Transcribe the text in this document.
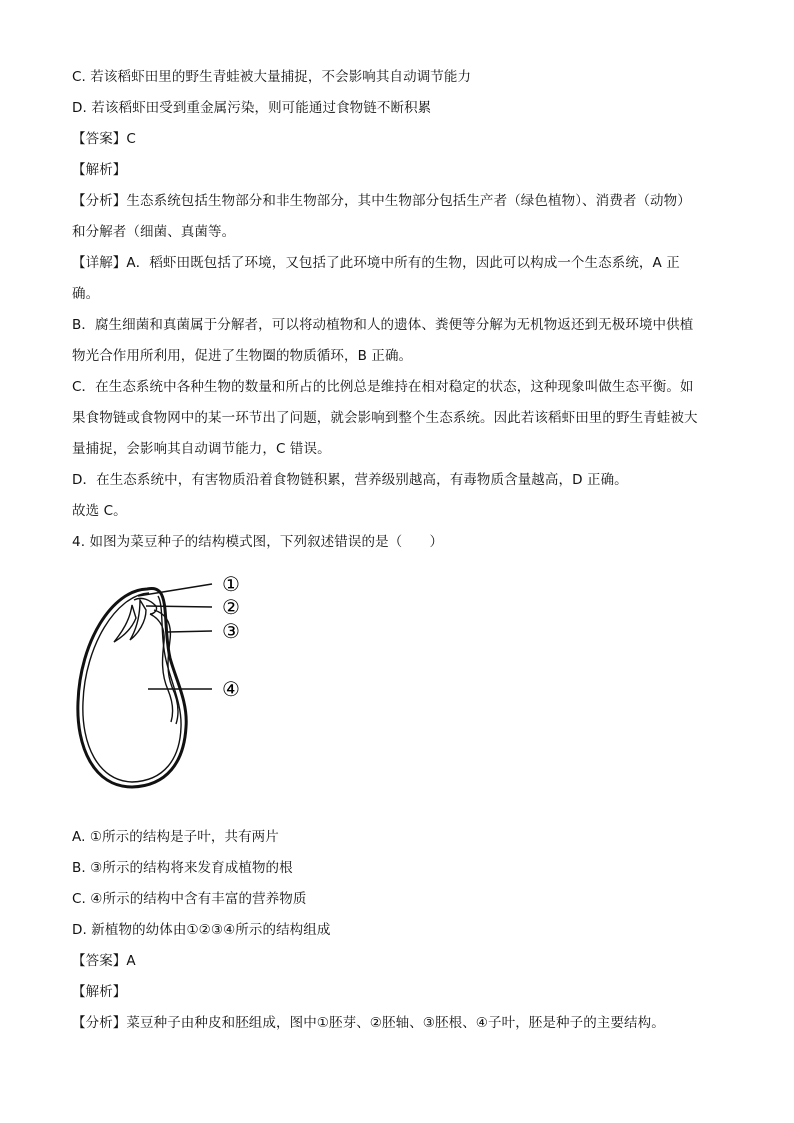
C. 若该稻虾田里的野生青蛙被大量捕捉，不会影响其自动调节能力
D. 若该稻虾田受到重金属污染，则可能通过食物链不断积累
【答案】C
【解析】
【分析】生态系统包括生物部分和非生物部分，其中生物部分包括生产者（绿色植物）、消费者（动物）
和分解者（细菌、真菌等。
【详解】A．稻虾田既包括了环境，又包括了此环境中所有的生物，因此可以构成一个生态系统，A 正
确。
B．腐生细菌和真菌属于分解者，可以将动植物和人的遗体、粪便等分解为无机物返还到无极环境中供植
物光合作用所利用，促进了生物圈的物质循环，B 正确。
C．在生态系统中各种生物的数量和所占的比例总是维持在相对稳定的状态，这种现象叫做生态平衡。如
果食物链或食物网中的某一环节出了问题，就会影响到整个生态系统。因此若该稻虾田里的野生青蛙被大
量捕捉，会影响其自动调节能力，C 错误。
D．在生态系统中，有害物质沿着食物链积累，营养级别越高，有毒物质含量越高，D 正确。
故选 C。
4. 如图为菜豆种子的结构模式图，下列叙述错误的是（　　）
①
②
③
④
A. ①所示的结构是子叶，共有两片
B. ③所示的结构将来发育成植物的根
C. ④所示的结构中含有丰富的营养物质
D. 新植物的幼体由①②③④所示的结构组成
【答案】A
【解析】
【分析】菜豆种子由种皮和胚组成，图中①胚芽、②胚轴、③胚根、④子叶，胚是种子的主要结构。
